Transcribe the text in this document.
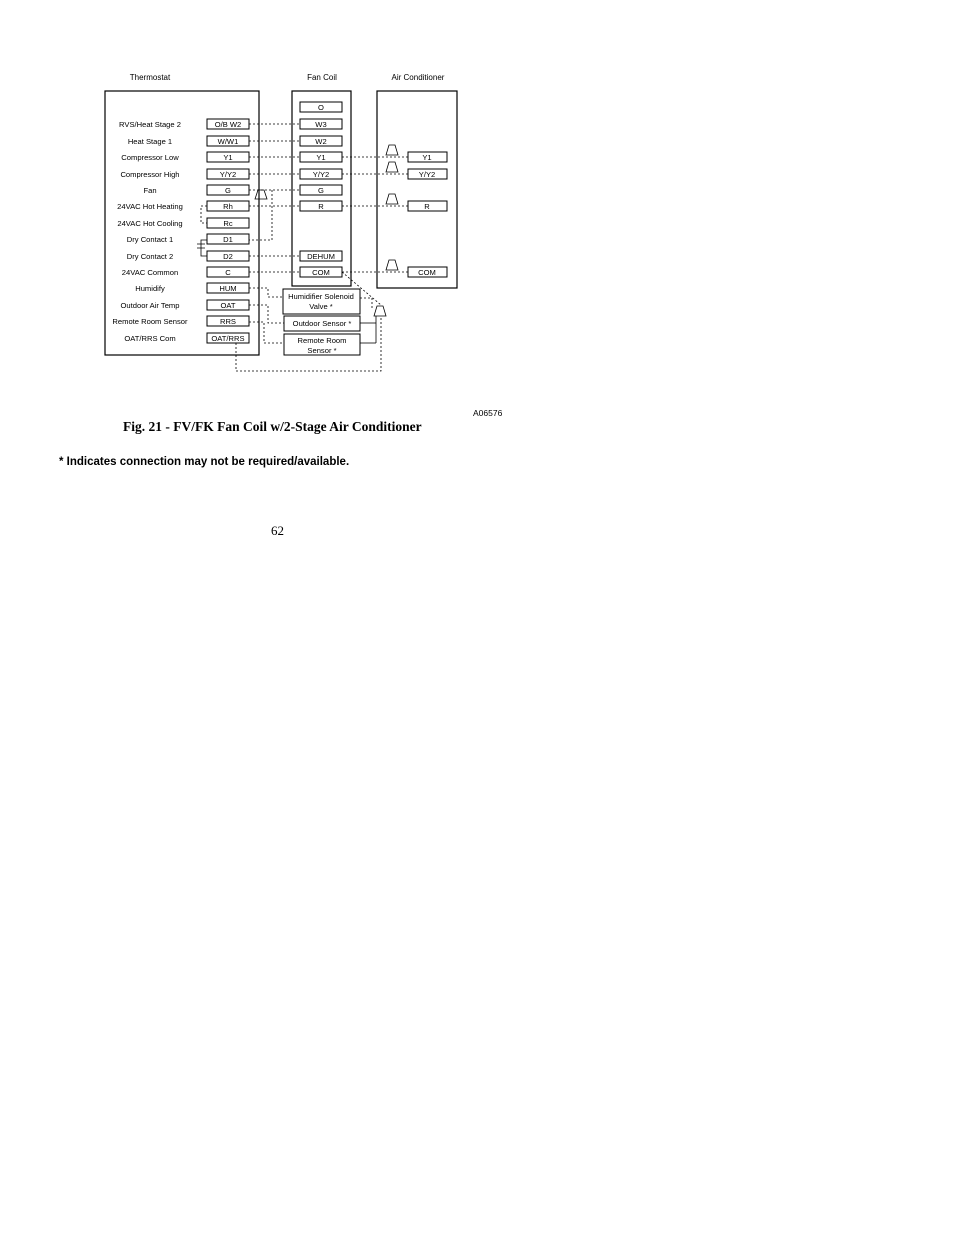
Thermostat	Fan Coil	Air Conditioner
RVS/Heat Stage 2
Heat Stage 1
Compressor Low
Compressor High
Fan
24VAC Hot Heating
24VAC Hot Cooling
Dry Contact 1
Dry Contact 2
24VAC Common
Humidify
Outdoor Air Temp
Remote Room Sensor
OAT/RRS Com
O/B W2
W/W1
Y1
Y/Y2
G
Rh
Rc
D1
D2
C
HUM
OAT
RRS
OAT/RRS
O
W3
W2
Y1
Y/Y2
G
R
DEHUM
COM
Y1
Y/Y2
R
COM
Humidifier Solenoid
Valve *
Outdoor Sensor *
Remote Room
Sensor *
A06576
Fig. 21 - FV/FK Fan Coil w/2-Stage Air Conditioner
* Indicates connection may not be required/available.
62
